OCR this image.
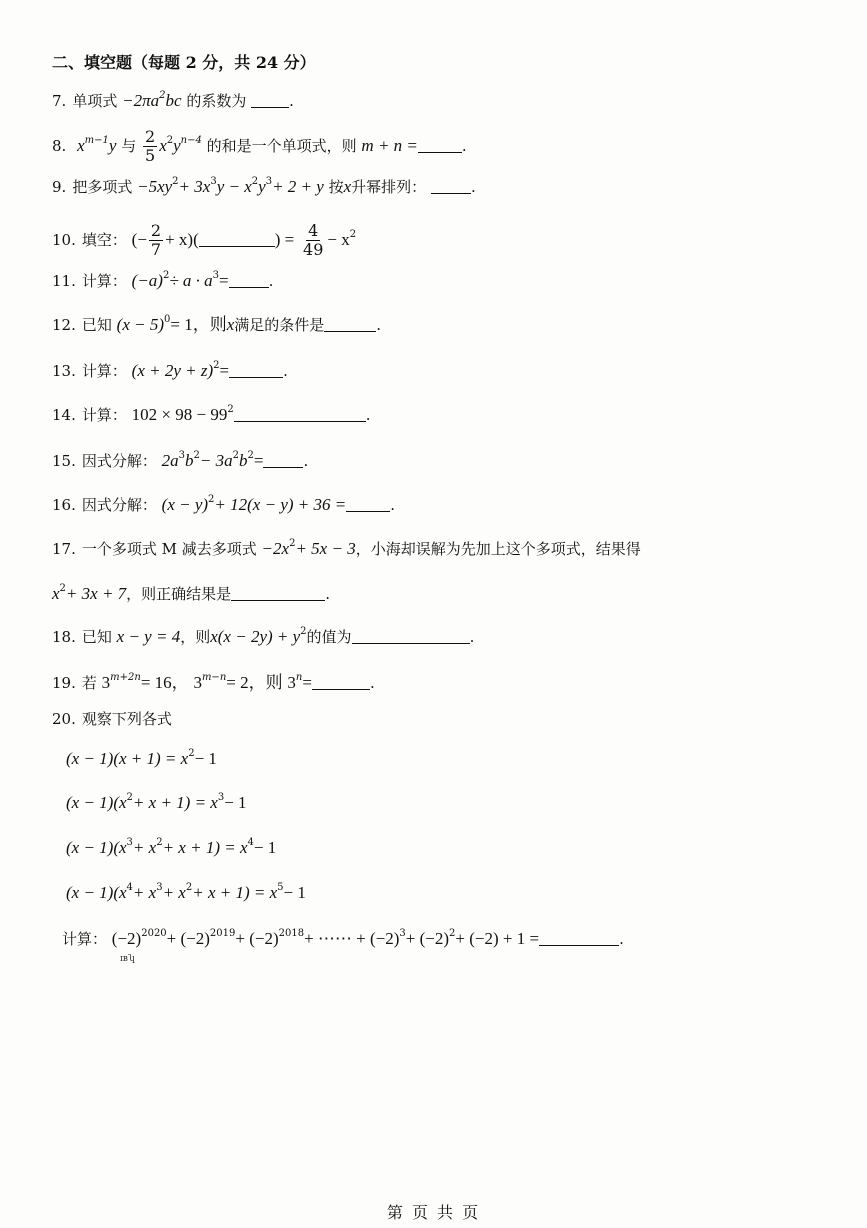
二、填空题（每题 2 分，共 24 分）
7. 单项式 $-2\pi a^2bc$ 的系数为	.
8. $x^{m-1}y$ 与 $\frac{2}{5} x^2y^{n-4}$ 的和是一个单项式，则 m + n =	.
9. 把多项式 $-5xy^2+ 3x^3y - x^2y^3+ 2 + y$ 按x升幂排列：	.
10. 填空： (− $\frac{2}{7} + x$)(	) = $\frac{4}{49} - x^2$
11. 计算： $(-a)^2\div a \cdot a^3=$	.
12. 已知 $(x - 5)^0= 1$，则x满足的条件是	.
13. 计算： $(x + 2y + z)^2=$	.
14. 计算： $102 \times 98 - 99^2$	.
15. 因式分解： $2a^3b^2- 3a^2b^2=$	.
16. 因式分解： $(x - y)^2+ 12(x - y) + 36$ =	.
17. 一个多项式 M 减去多项式 $-2x^2+ 5x - 3$，小海却误解为先加上这个多项式，结果得
$x^2+ 3x + 7$，则正确结果是	.
18. 已知 x − y = 4，则$x(x - 2y) + y^2$的值为	.
19. 若 $3^{m+2n}= 16$， $3^{m-n}= 2$，则 $3^n=$	.
20. 观察下列各式
$(x - 1)(x + 1) = x^2- 1$
$(x - 1)(x^2+ x + 1) = x^3- 1$
$(x - 1)(x^3+ x^2+ x + 1) = x^4- 1$
$(x - 1)(x^4+ x^3+ x^2+ x + 1) = x^5- 1$
计算： $(-2)^{2020}+ (-2)^{2019}+ (-2)^{2018}+$ ⋯⋯ + $(-2)^3+ (-2)^2+ (-2) + 1$ =	.
ɪʙʮ
第 页 共 页
